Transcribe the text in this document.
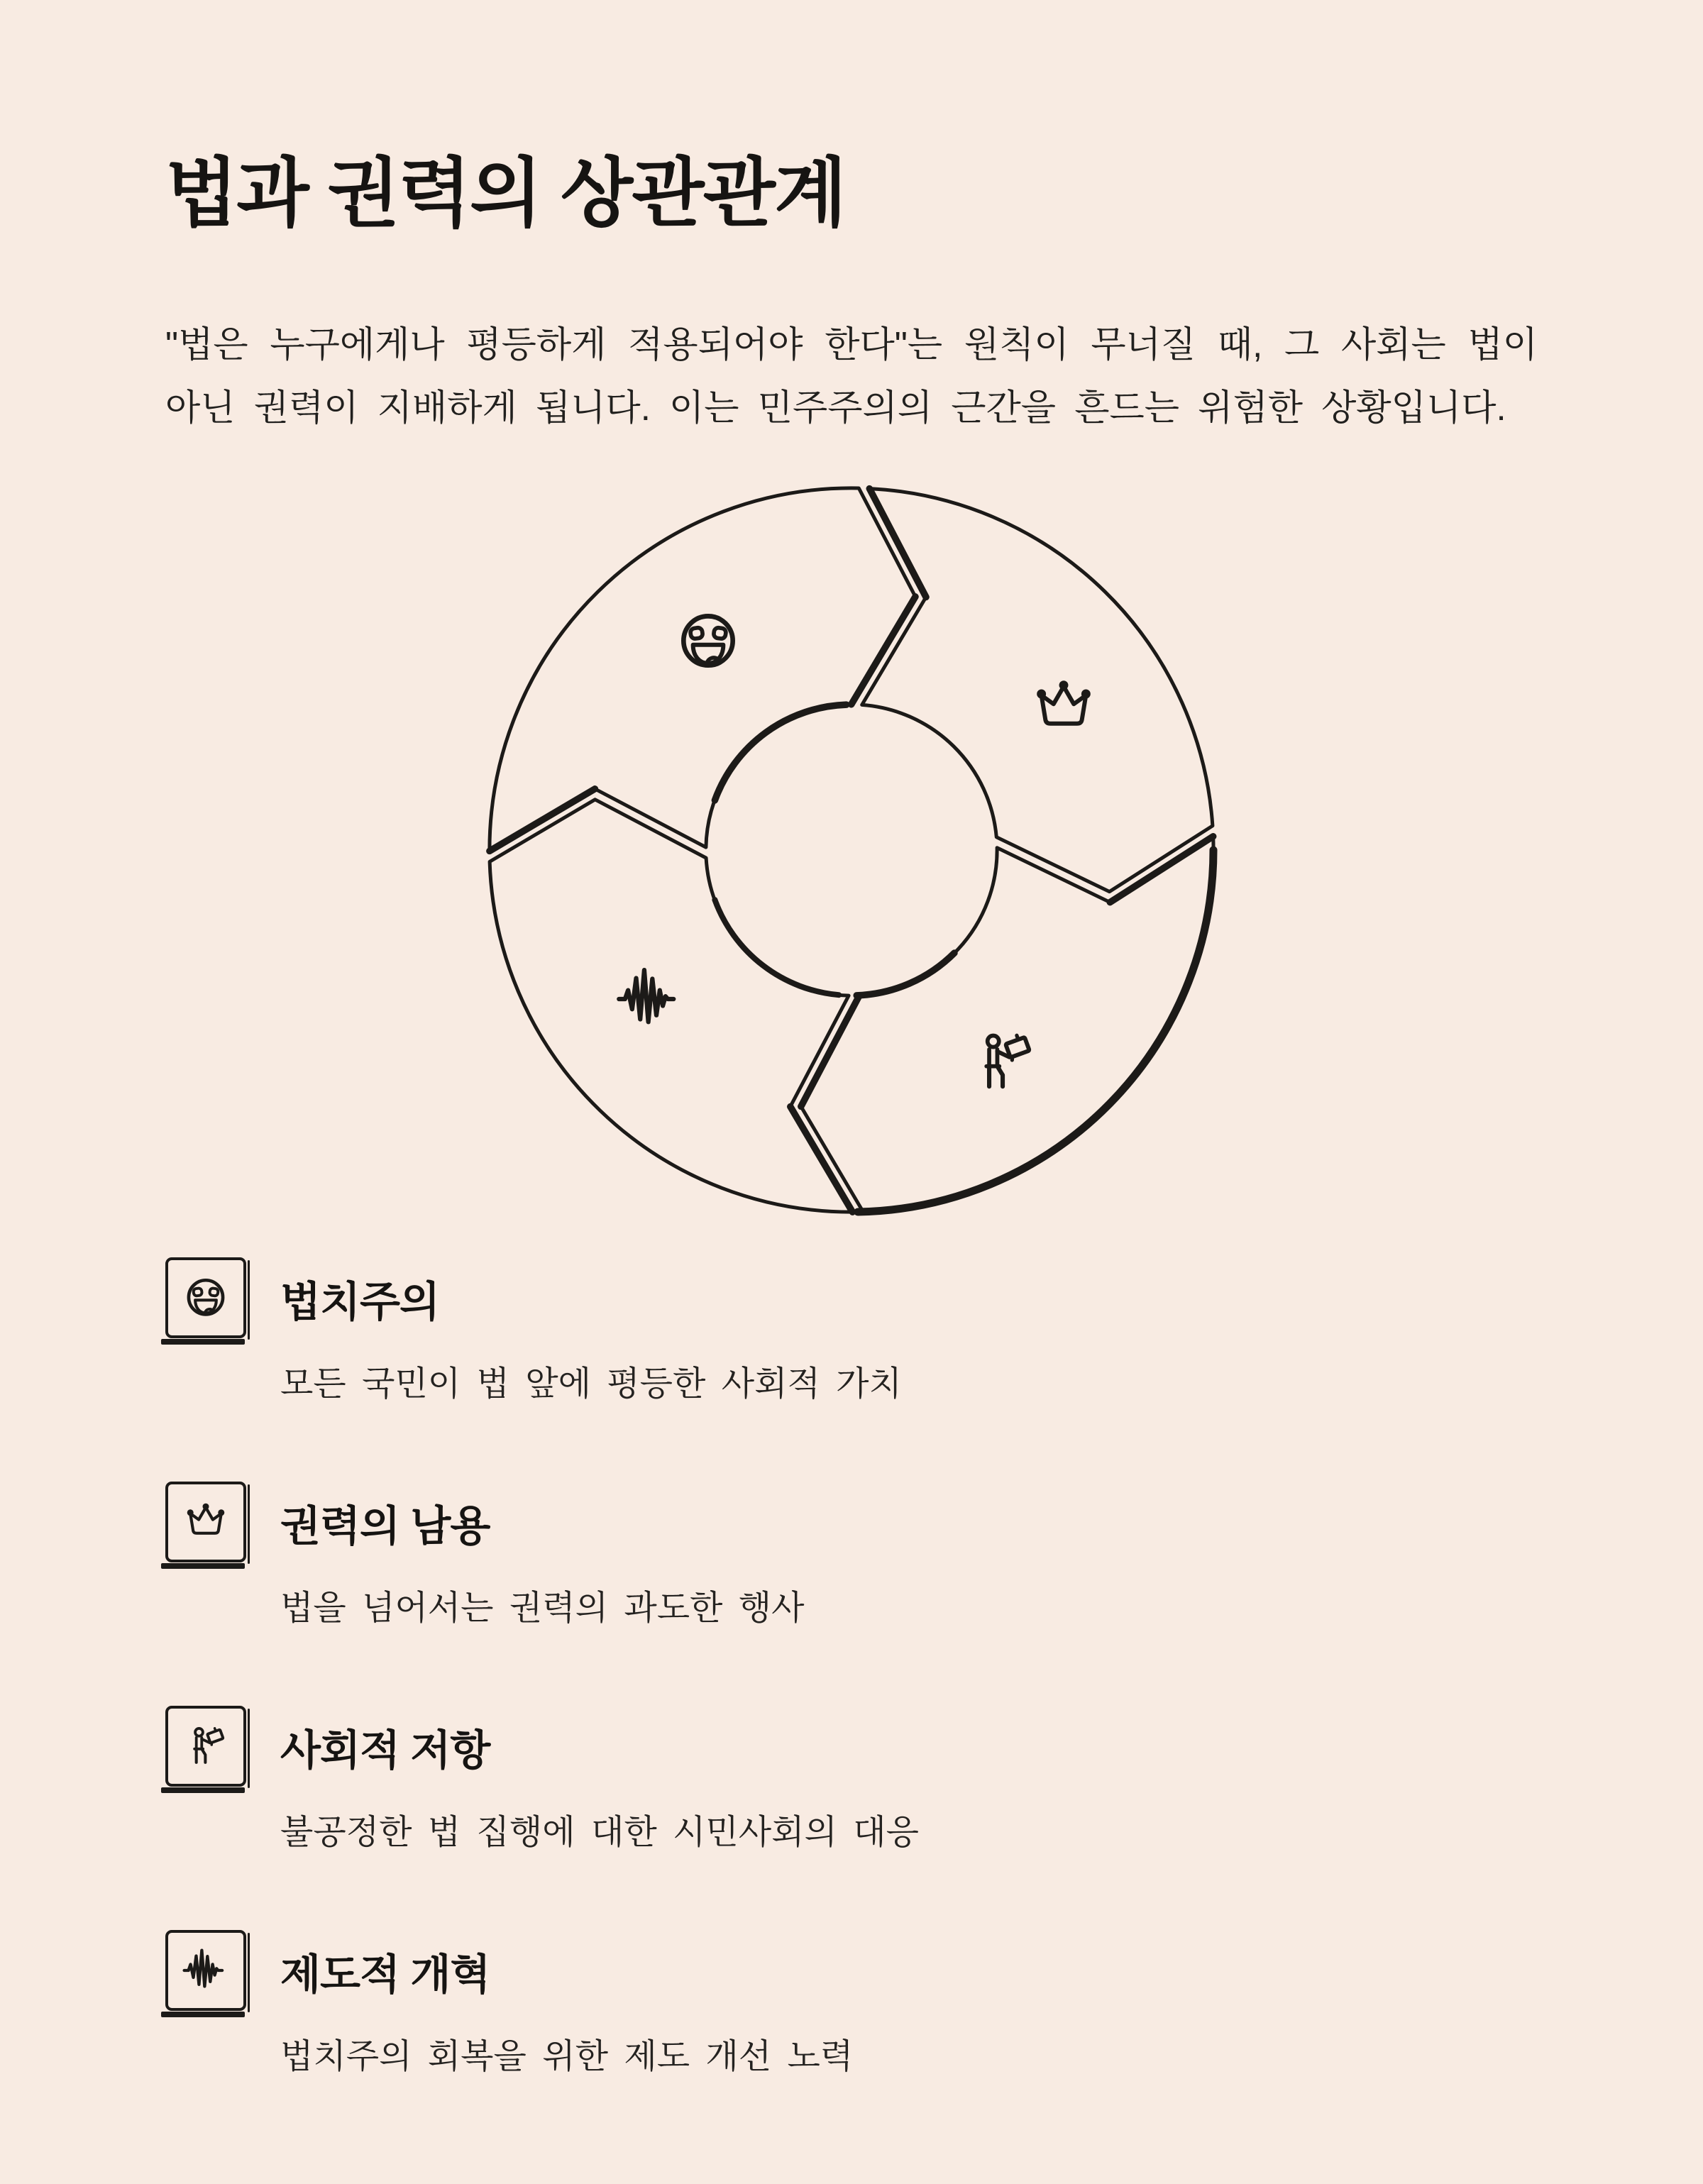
법과 권력의 상관관계

"법은 누구에게나 평등하게 적용되어야 한다"는 원칙이 무너질 때, 그 사회는 법이 아닌 권력이 지배하게 됩니다. 이는 민주주의의 근간을 흔드는 위험한 상황입니다.

법치주의
모든 국민이 법 앞에 평등한 사회적 가치
권력의 남용
법을 넘어서는 권력의 과도한 행사
사회적 저항
불공정한 법 집행에 대한 시민사회의 대응
제도적 개혁
법치주의 회복을 위한 제도 개선 노력
